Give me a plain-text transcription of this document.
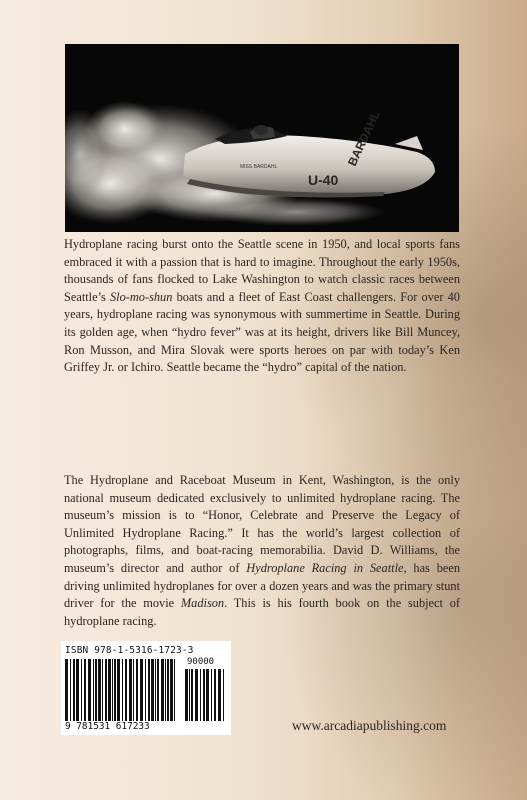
BARDAHL
U-40
MISS BARDAHL

Hydroplane racing burst onto the Seattle scene in 1950, and local sports fans embraced it with a passion that is hard to imagine. Throughout the early 1950s, thousands of fans flocked to Lake Washington to watch classic races between Seattle’s Slo-mo-shun boats and a fleet of East Coast challengers. For over 40 years, hydroplane racing was synonymous with summertime in Seattle. During its golden age, when “hydro fever” was at its height, drivers like Bill Muncey, Ron Musson, and Mira Slovak were sports heroes on par with today’s Ken Griffey Jr. or Ichiro. Seattle became the “hydro” capital of the nation.

The Hydroplane and Raceboat Museum in Kent, Washington, is the only national museum dedicated exclusively to unlimited hydroplane racing. The museum’s mission is to “Honor, Celebrate and Preserve the Legacy of Unlimited Hydroplane Racing.” It has the world’s largest collection of photographs, films, and boat-racing memorabilia. David D. Williams, the museum’s director and author of Hydroplane Racing in Seattle, has been driving unlimited hydroplanes for over a dozen years and was the primary stunt driver for the movie Madison. This is his fourth book on the subject of hydroplane racing.

ISBN 978-1-5316-1723-3
90000
9 781531 617233	www.arcadiapublishing.com
